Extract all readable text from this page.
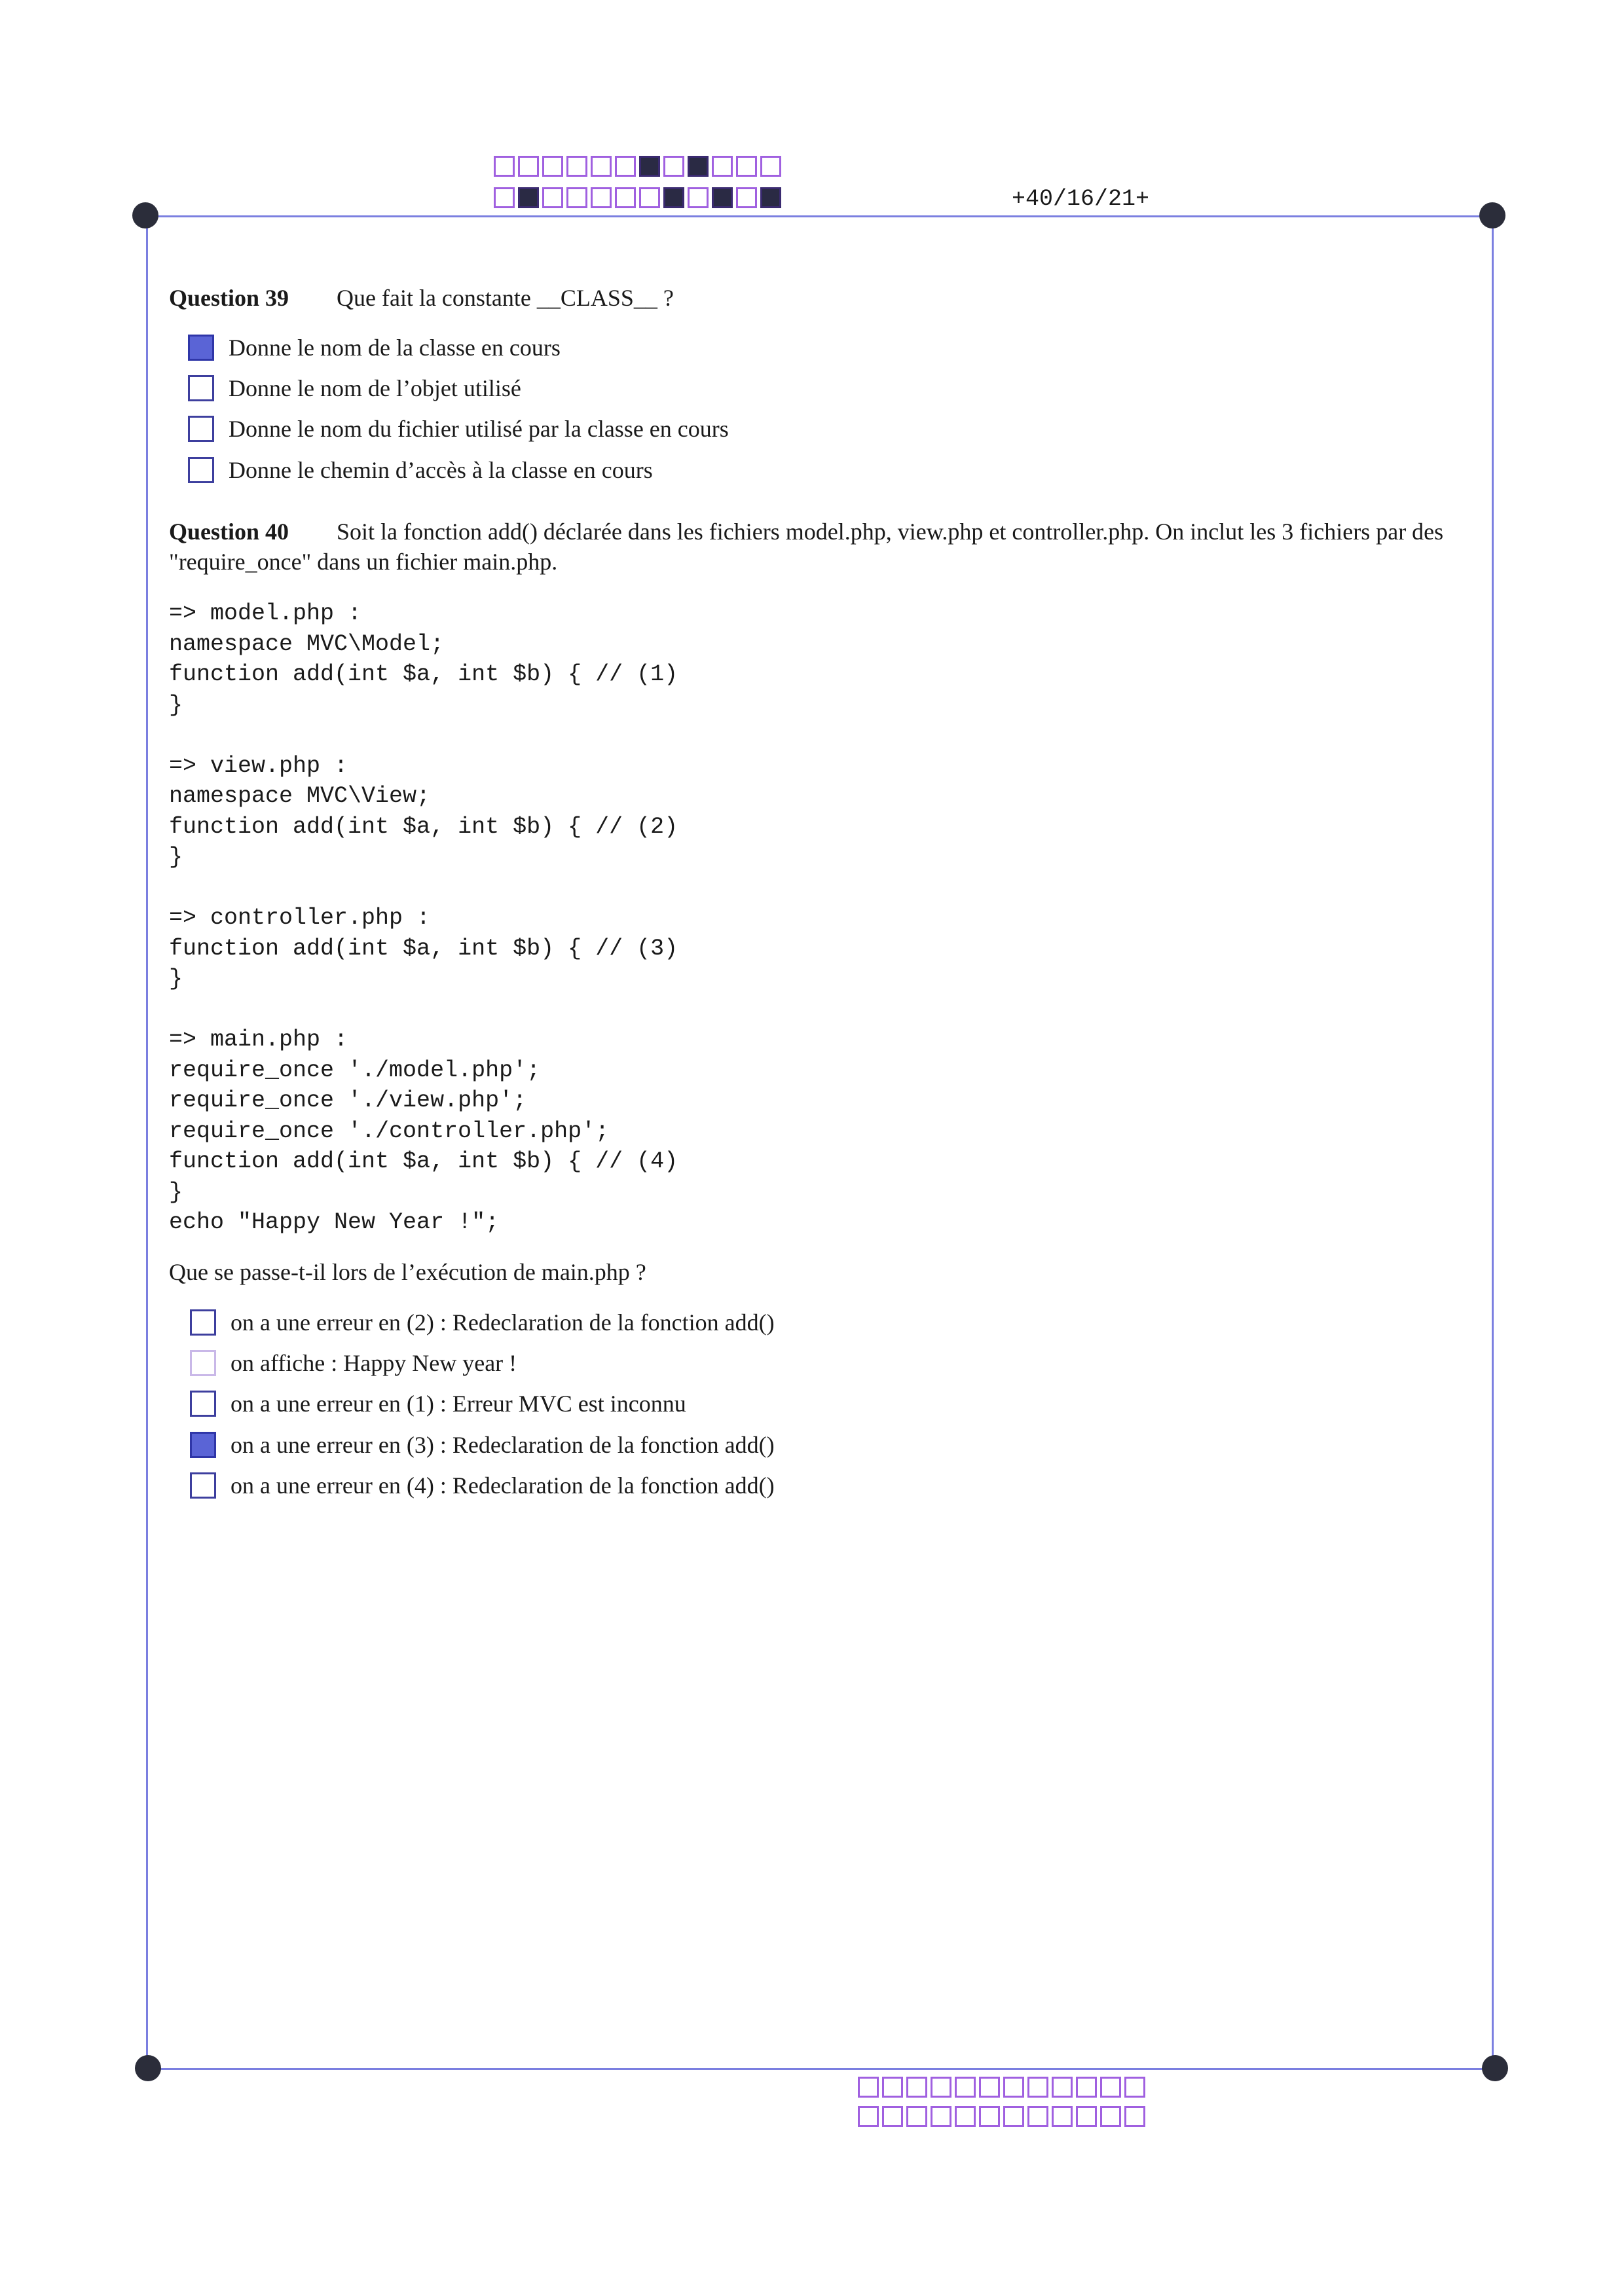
+40/16/21+
Question 39 Que fait la constante __CLASS__ ?
Donne le nom de la classe en cours
Donne le nom de l’objet utilisé
Donne le nom du fichier utilisé par la classe en cours
Donne le chemin d’accès à la classe en cours
Question 40 Soit la fonction add() déclarée dans les fichiers model.php, view.php et controller.php. On inclut les 3 fichiers par des "require_once" dans un fichier main.php.
=> model.php :
namespace MVC\Model;
function add(int $a, int $b) { // (1)
}

=> view.php :
namespace MVC\View;
function add(int $a, int $b) { // (2)
}

=> controller.php :
function add(int $a, int $b) { // (3)
}

=> main.php :
require_once './model.php';
require_once './view.php';
require_once './controller.php';
function add(int $a, int $b) { // (4)
}
echo "Happy New Year !";
Que se passe-t-il lors de l’exécution de main.php ?
on a une erreur en (2) : Redeclaration de la fonction add()
on affiche : Happy New year !
on a une erreur en (1) : Erreur MVC est inconnu
on a une erreur en (3) : Redeclaration de la fonction add()
on a une erreur en (4) : Redeclaration de la fonction add()
